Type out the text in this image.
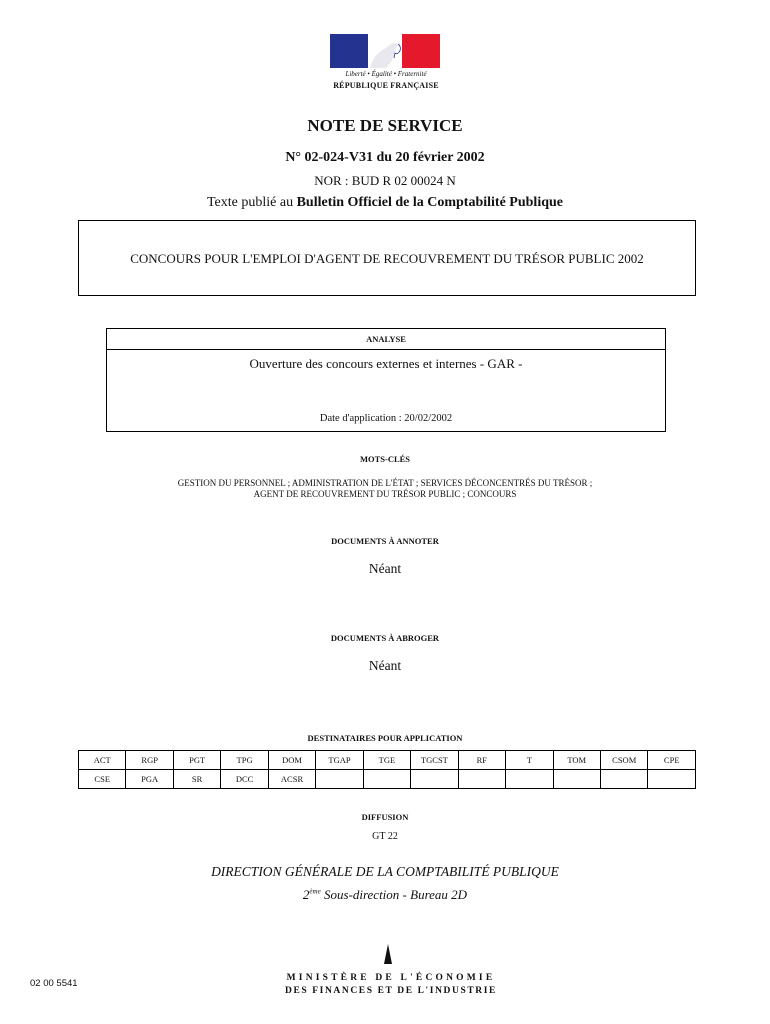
Liberté • Égalité • Fraternité
RÉPUBLIQUE FRANÇAISE
NOTE DE SERVICE
N° 02-024-V31 du 20 février 2002
NOR : BUD R 02 00024 N
Texte publié au Bulletin Officiel de la Comptabilité Publique
CONCOURS POUR L'EMPLOI D'AGENT DE RECOUVREMENT DU TRÉSOR PUBLIC 2002
ANALYSE
Ouverture des concours externes et internes - GAR -
Date d'application : 20/02/2002
MOTS-CLÉS
GESTION DU PERSONNEL ; ADMINISTRATION DE L'ÉTAT ; SERVICES DÉCONCENTRÉS DU TRÉSOR ;
AGENT DE RECOUVREMENT DU TRÉSOR PUBLIC ; CONCOURS
DOCUMENTS À ANNOTER
Néant
DOCUMENTS À ABROGER
Néant
DESTINATAIRES POUR APPLICATION
ACT	RGP	PGT	TPG	DOM	TGAP	TGE	TGCST	RF	T	TOM	CSOM	CPE
CSE	PGA	SR	DCC	ACSR								
DIFFUSION
GT 22
DIRECTION GÉNÉRALE DE LA COMPTABILITÉ PUBLIQUE
2ème Sous-direction - Bureau 2D
02 00 5541	MINISTÈRE DE L'ÉCONOMIE
DES FINANCES ET DE L'INDUSTRIE
